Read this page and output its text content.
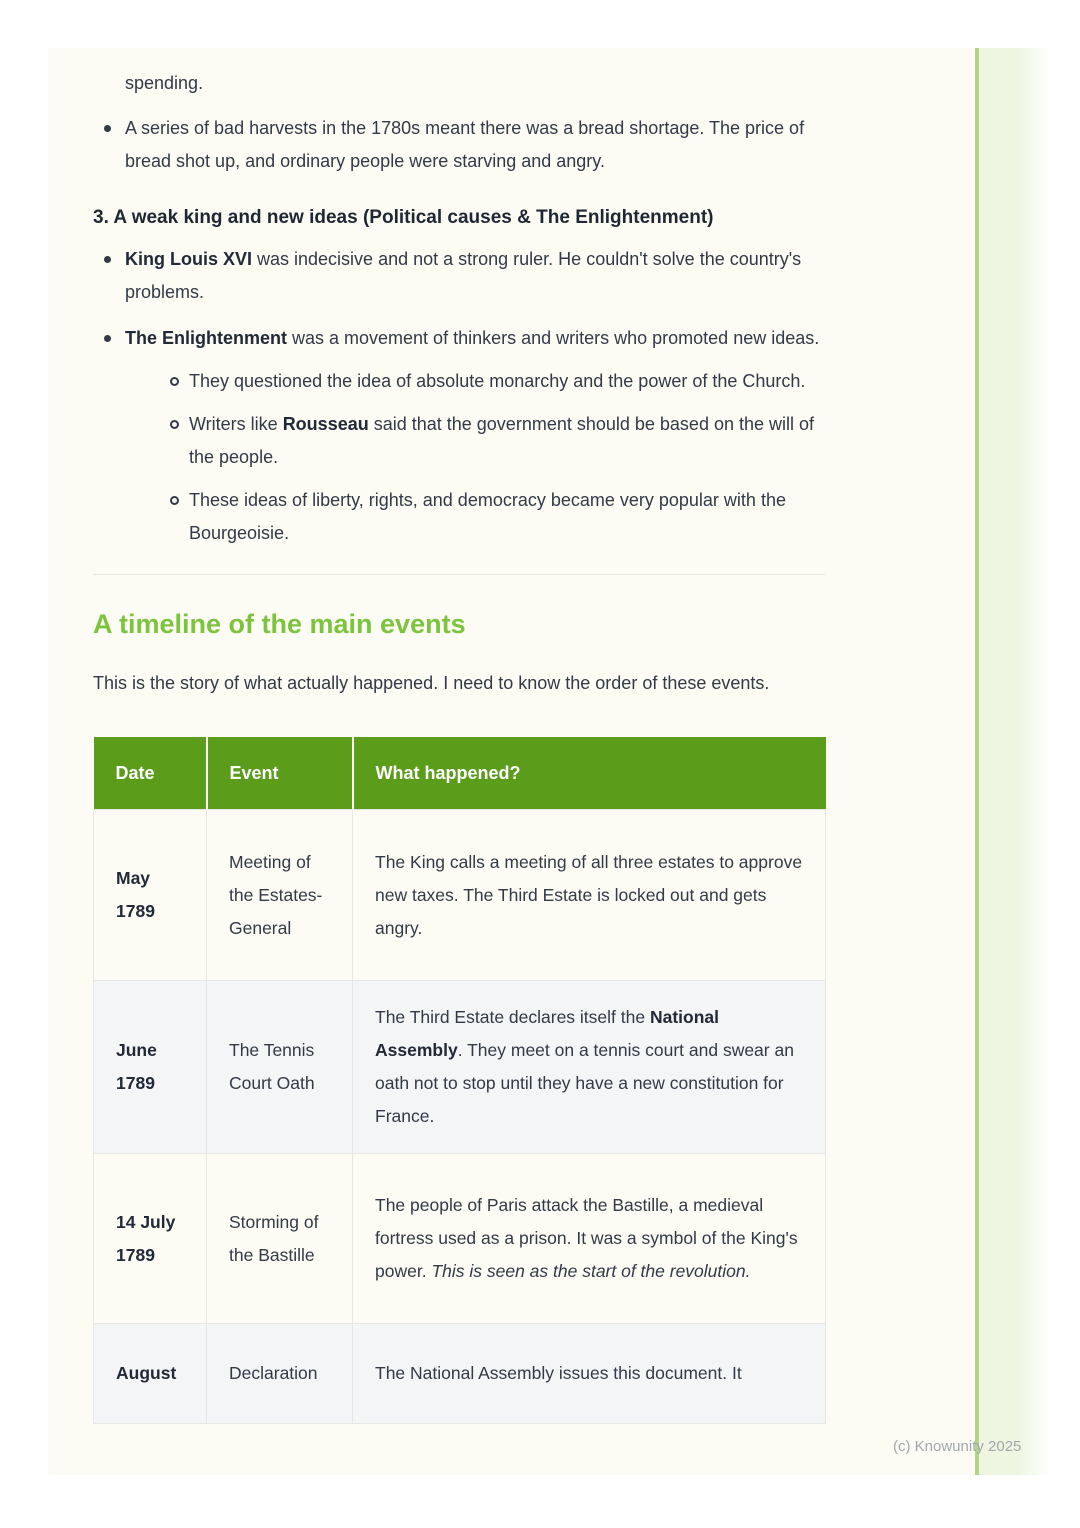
spending.

A series of bad harvests in the 1780s meant there was a bread shortage. The price of bread shot up, and ordinary people were starving and angry.
3. A weak king and new ideas (Political causes & The Enlightenment)
King Louis XVI was indecisive and not a strong ruler. He couldn't solve the country's problems.
The Enlightenment was a movement of thinkers and writers who promoted new ideas.
They questioned the idea of absolute monarchy and the power of the Church.
Writers like Rousseau said that the government should be based on the will of the people.
These ideas of liberty, rights, and democracy became very popular with the Bourgeoisie.
A timeline of the main events

This is the story of what actually happened. I need to know the order of these events.

Date	Event	What happened?
May 1789	Meeting of the Estates-General	The King calls a meeting of all three estates to approve new taxes. The Third Estate is locked out and gets angry.
June 1789	The Tennis Court Oath	The Third Estate declares itself the National Assembly. They meet on a tennis court and swear an oath not to stop until they have a new constitution for France.
14 July 1789	Storming of the Bastille	The people of Paris attack the Bastille, a medieval fortress used as a prison. It was a symbol of the King's power. This is seen as the start of the revolution.
August	Declaration	The National Assembly issues this document. It
(c) Knowunity 2025
